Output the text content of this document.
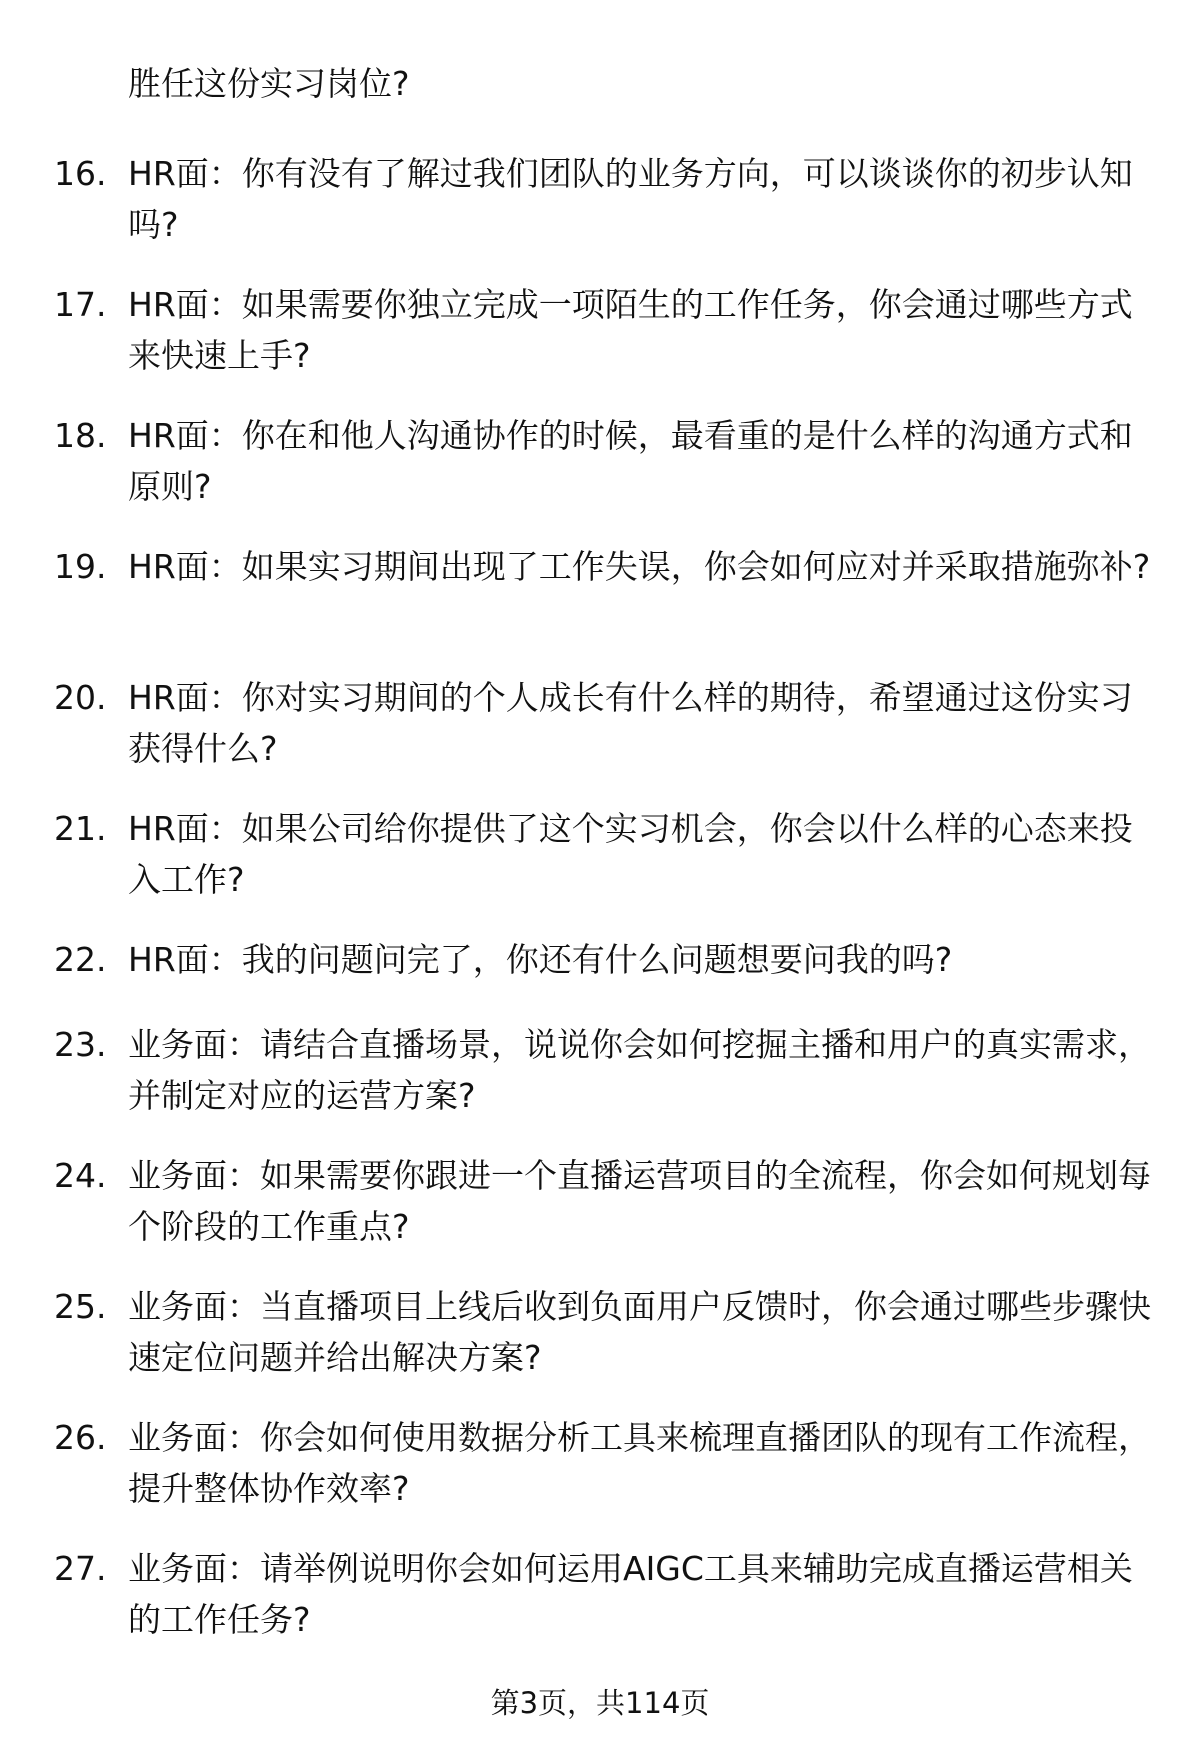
胜任这份实习岗位?

16. HR面：你有没有了解过我们团队的业务方向，可以谈谈你的初步认知吗?
17. HR面：如果需要你独立完成一项陌生的工作任务，你会通过哪些方式来快速上手?
18. HR面：你在和他人沟通协作的时候，最看重的是什么样的沟通方式和原则?
19. HR面：如果实习期间出现了工作失误，你会如何应对并采取措施弥补?
20. HR面：你对实习期间的个人成长有什么样的期待，希望通过这份实习获得什么?
21. HR面：如果公司给你提供了这个实习机会，你会以什么样的心态来投入工作?
22. HR面：我的问题问完了，你还有什么问题想要问我的吗?
23. 业务面：请结合直播场景，说说你会如何挖掘主播和用户的真实需求，并制定对应的运营方案?
24. 业务面：如果需要你跟进一个直播运营项目的全流程，你会如何规划每个阶段的工作重点?
25. 业务面：当直播项目上线后收到负面用户反馈时，你会通过哪些步骤快速定位问题并给出解决方案?
26. 业务面：你会如何使用数据分析工具来梳理直播团队的现有工作流程，提升整体协作效率?
27. 业务面：请举例说明你会如何运用AIGC工具来辅助完成直播运营相关的工作任务?
第3页，共114页
